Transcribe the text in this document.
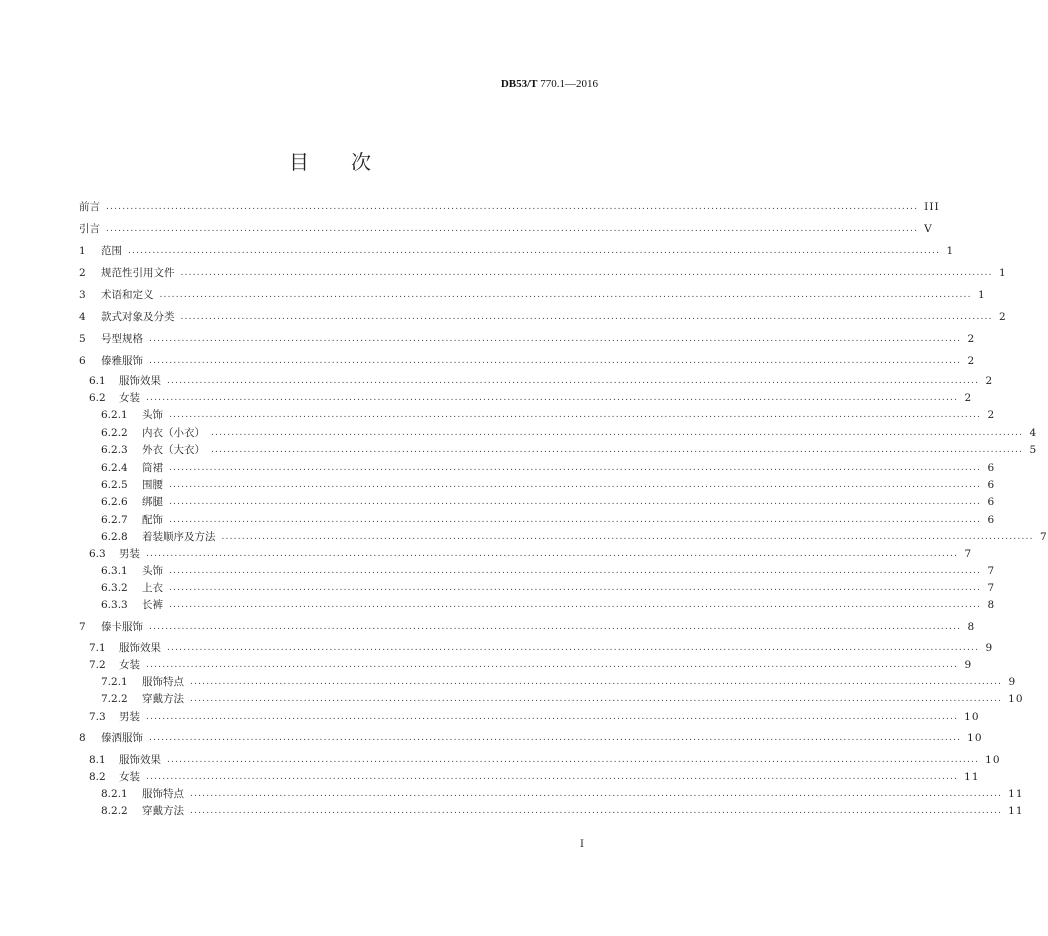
DB53/T 770.1—2016
目 次
前言 ........................................................................................................................................................................................................ III
引言 ........................................................................................................................................................................................................ V
1	范围 ........................................................................................................................................................................................................ 1
2	规范性引用文件 ........................................................................................................................................................................................................ 1
3	术语和定义 ........................................................................................................................................................................................................ 1
4	款式对象及分类 ........................................................................................................................................................................................................ 2
5	号型规格 ........................................................................................................................................................................................................ 2
6	傣雅服饰 ........................................................................................................................................................................................................ 2
6.1	服饰效果 ........................................................................................................................................................................................................ 2
6.2	女装 ........................................................................................................................................................................................................ 2
6.2.1	头饰 ........................................................................................................................................................................................................ 2
6.2.2	内衣（小衣） ........................................................................................................................................................................................................ 4
6.2.3	外衣（大衣） ........................................................................................................................................................................................................ 5
6.2.4	筒裙 ........................................................................................................................................................................................................ 6
6.2.5	围腰 ........................................................................................................................................................................................................ 6
6.2.6	绑腿 ........................................................................................................................................................................................................ 6
6.2.7	配饰 ........................................................................................................................................................................................................ 6
6.2.8	着装顺序及方法 ........................................................................................................................................................................................................ 7
6.3	男装 ........................................................................................................................................................................................................ 7
6.3.1	头饰 ........................................................................................................................................................................................................ 7
6.3.2	上衣 ........................................................................................................................................................................................................ 7
6.3.3	长裤 ........................................................................................................................................................................................................ 8
7	傣卡服饰 ........................................................................................................................................................................................................ 8
7.1	服饰效果 ........................................................................................................................................................................................................ 9
7.2	女装 ........................................................................................................................................................................................................ 9
7.2.1	服饰特点 ........................................................................................................................................................................................................ 9
7.2.2	穿戴方法 ........................................................................................................................................................................................................ 10
7.3	男装 ........................................................................................................................................................................................................ 10
8	傣洒服饰 ........................................................................................................................................................................................................ 10
8.1	服饰效果 ........................................................................................................................................................................................................ 10
8.2	女装 ........................................................................................................................................................................................................ 11
8.2.1	服饰特点 ........................................................................................................................................................................................................ 11
8.2.2	穿戴方法 ........................................................................................................................................................................................................ 11
I
